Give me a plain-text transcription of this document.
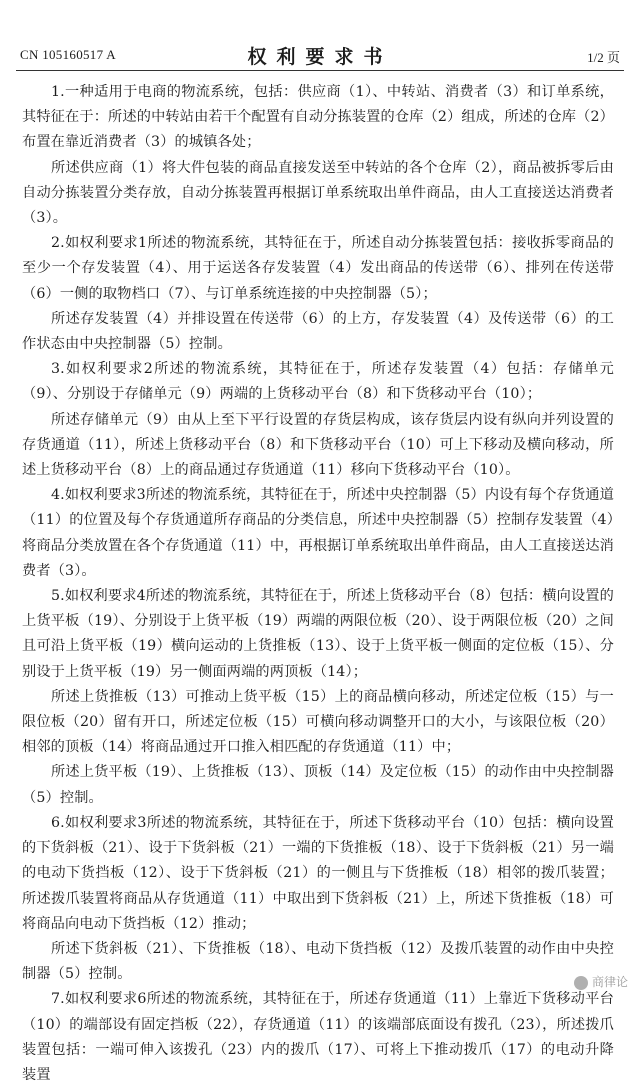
CN 105160517 A	权利要求书	1/2 页

1.一种适用于电商的物流系统，包括：供应商（1）、中转站、消费者（3）和订单系统，其特征在于：所述的中转站由若干个配置有自动分拣装置的仓库（2）组成，所述的仓库（2）布置在靠近消费者（3）的城镇各处；

所述供应商（1）将大件包装的商品直接发送至中转站的各个仓库（2），商品被拆零后由自动分拣装置分类存放，自动分拣装置再根据订单系统取出单件商品，由人工直接送达消费者（3）。

2.如权利要求1所述的物流系统，其特征在于，所述自动分拣装置包括：接收拆零商品的至少一个存发装置（4）、用于运送各存发装置（4）发出商品的传送带（6）、排列在传送带（6）一侧的取物档口（7）、与订单系统连接的中央控制器（5）；

所述存发装置（4）并排设置在传送带（6）的上方，存发装置（4）及传送带（6）的工作状态由中央控制器（5）控制。

3.如权利要求2所述的物流系统，其特征在于，所述存发装置（4）包括：存储单元（9）、分别设于存储单元（9）两端的上货移动平台（8）和下货移动平台（10）；

所述存储单元（9）由从上至下平行设置的存货层构成，该存货层内设有纵向并列设置的存货通道（11），所述上货移动平台（8）和下货移动平台（10）可上下移动及横向移动，所述上货移动平台（8）上的商品通过存货通道（11）移向下货移动平台（10）。

4.如权利要求3所述的物流系统，其特征在于，所述中央控制器（5）内设有每个存货通道（11）的位置及每个存货通道所存商品的分类信息，所述中央控制器（5）控制存发装置（4）将商品分类放置在各个存货通道（11）中，再根据订单系统取出单件商品，由人工直接送达消费者（3）。

5.如权利要求4所述的物流系统，其特征在于，所述上货移动平台（8）包括：横向设置的上货平板（19）、分别设于上货平板（19）两端的两限位板（20）、设于两限位板（20）之间且可沿上货平板（19）横向运动的上货推板（13）、设于上货平板一侧面的定位板（15）、分别设于上货平板（19）另一侧面两端的两顶板（14）；

所述上货推板（13）可推动上货平板（15）上的商品横向移动，所述定位板（15）与一限位板（20）留有开口，所述定位板（15）可横向移动调整开口的大小，与该限位板（20）相邻的顶板（14）将商品通过开口推入相匹配的存货通道（11）中；

所述上货平板（19）、上货推板（13）、顶板（14）及定位板（15）的动作由中央控制器（5）控制。

6.如权利要求3所述的物流系统，其特征在于，所述下货移动平台（10）包括：横向设置的下货斜板（21）、设于下货斜板（21）一端的下货推板（18）、设于下货斜板（21）另一端的电动下货挡板（12）、设于下货斜板（21）的一侧且与下货推板（18）相邻的拨爪装置；所述拨爪装置将商品从存货通道（11）中取出到下货斜板（21）上，所述下货推板（18）可将商品向电动下货挡板（12）推动；

所述下货斜板（21）、下货推板（18）、电动下货挡板（12）及拨爪装置的动作由中央控制器（5）控制。

7.如权利要求6所述的物流系统，其特征在于，所述存货通道（11）上靠近下货移动平台（10）的端部设有固定挡板（22），存货通道（11）的该端部底面设有拨孔（23），所述拨爪装置包括：一端可伸入该拨孔（23）内的拨爪（17）、可将上下推动拨爪（17）的电动升降装置

商律论
